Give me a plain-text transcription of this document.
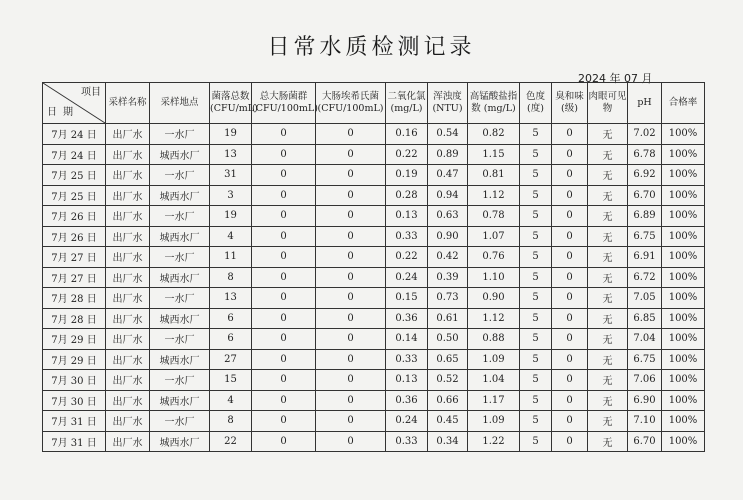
日常水质检测记录
2024 年 07 月
项目
日期	采样名称	采样地点	菌落总数 (CFU/mL)	总大肠菌群 (CFU/100mL)	大肠埃希氏菌 (CFU/100mL)	二氧化氯 (mg/L)	浑浊度 (NTU)	高锰酸盐指数 (mg/L)	色度 (度)	臭和味 (级)	肉眼可见物	pH	合格率
7月 24 日	出厂水	一水厂	19	0	0	0.16	0.54	0.82	5	0	无	7.02	100%
7月 24 日	出厂水	城西水厂	13	0	0	0.22	0.89	1.15	5	0	无	6.78	100%
7月 25 日	出厂水	一水厂	31	0	0	0.19	0.47	0.81	5	0	无	6.92	100%
7月 25 日	出厂水	城西水厂	3	0	0	0.28	0.94	1.12	5	0	无	6.70	100%
7月 26 日	出厂水	一水厂	19	0	0	0.13	0.63	0.78	5	0	无	6.89	100%
7月 26 日	出厂水	城西水厂	4	0	0	0.33	0.90	1.07	5	0	无	6.75	100%
7月 27 日	出厂水	一水厂	11	0	0	0.22	0.42	0.76	5	0	无	6.91	100%
7月 27 日	出厂水	城西水厂	8	0	0	0.24	0.39	1.10	5	0	无	6.72	100%
7月 28 日	出厂水	一水厂	13	0	0	0.15	0.73	0.90	5	0	无	7.05	100%
7月 28 日	出厂水	城西水厂	6	0	0	0.36	0.61	1.12	5	0	无	6.85	100%
7月 29 日	出厂水	一水厂	6	0	0	0.14	0.50	0.88	5	0	无	7.04	100%
7月 29 日	出厂水	城西水厂	27	0	0	0.33	0.65	1.09	5	0	无	6.75	100%
7月 30 日	出厂水	一水厂	15	0	0	0.13	0.52	1.04	5	0	无	7.06	100%
7月 30 日	出厂水	城西水厂	4	0	0	0.36	0.66	1.17	5	0	无	6.90	100%
7月 31 日	出厂水	一水厂	8	0	0	0.24	0.45	1.09	5	0	无	7.10	100%
7月 31 日	出厂水	城西水厂	22	0	0	0.33	0.34	1.22	5	0	无	6.70	100%
